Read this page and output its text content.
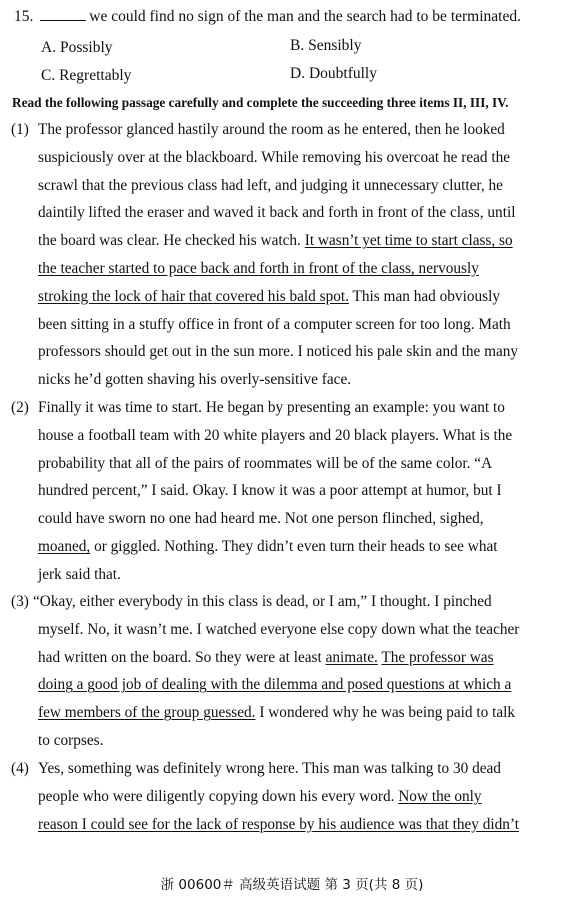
15.	we could find no sign of the man and the search had to be terminated.
A. Possibly	B. Sensibly
C. Regrettably	D. Doubtfully
Read the following passage carefully and complete the succeeding three items II, III, IV.
(1) The professor glanced hastily around the room as he entered, then he looked
suspiciously over at the blackboard. While removing his overcoat he read the
scrawl that the previous class had left, and judging it unnecessary clutter, he
daintily lifted the eraser and waved it back and forth in front of the class, until
the board was clear. He checked his watch. It wasn’t yet time to start class, so
the teacher started to pace back and forth in front of the class, nervously
stroking the lock of hair that covered his bald spot. This man had obviously
been sitting in a stuffy office in front of a computer screen for too long. Math
professors should get out in the sun more. I noticed his pale skin and the many
nicks he’d gotten shaving his overly-sensitive face.
(2) Finally it was time to start. He began by presenting an example: you want to
house a football team with 20 white players and 20 black players. What is the
probability that all of the pairs of roommates will be of the same color. “A
hundred percent,” I said. Okay. I know it was a poor attempt at humor, but I
could have sworn no one had heard me. Not one person flinched, sighed,
moaned, or giggled. Nothing. They didn’t even turn their heads to see what
jerk said that.
(3) “Okay, either everybody in this class is dead, or I am,” I thought. I pinched
myself. No, it wasn’t me. I watched everyone else copy down what the teacher
had written on the board. So they were at least animate. The professor was
doing a good job of dealing with the dilemma and posed questions at which a
few members of the group guessed. I wondered why he was being paid to talk
to corpses.
(4) Yes, something was definitely wrong here. This man was talking to 30 dead
people who were diligently copying down his every word. Now the only
reason I could see for the lack of response by his audience was that they didn’t
浙 00600＃ 高级英语试题 第 3 页(共 8 页)
